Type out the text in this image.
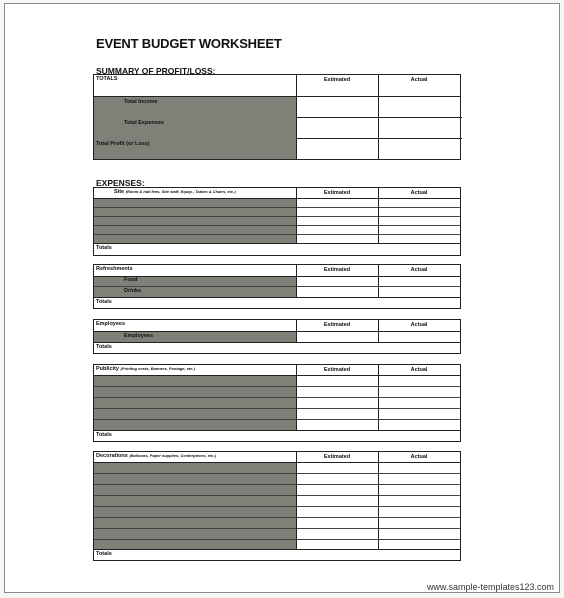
EVENT BUDGET WORKSHEET
SUMMARY OF PROFIT/LOSS:
TOTALS	Estimated	Actual
Total Income
Total Expenses
Total Profit (or Loss)
EXPENSES:
Site (Room & hall fees, Site staff, Equip., Tables & Chairs, etc.)	Estimated	Actual
Totals
Refreshments	Estimated	Actual
Food
Drinks
Totals
Employees	Estimated	Actual
Employees
Totals
Publicity (Printing costs, Banners, Postage, etc.)	Estimated	Actual
Totals
Decorations (Balloons, Paper supplies, Centerpieces, etc.)	Estimated	Actual
Totals
www.sample-templates123.com
